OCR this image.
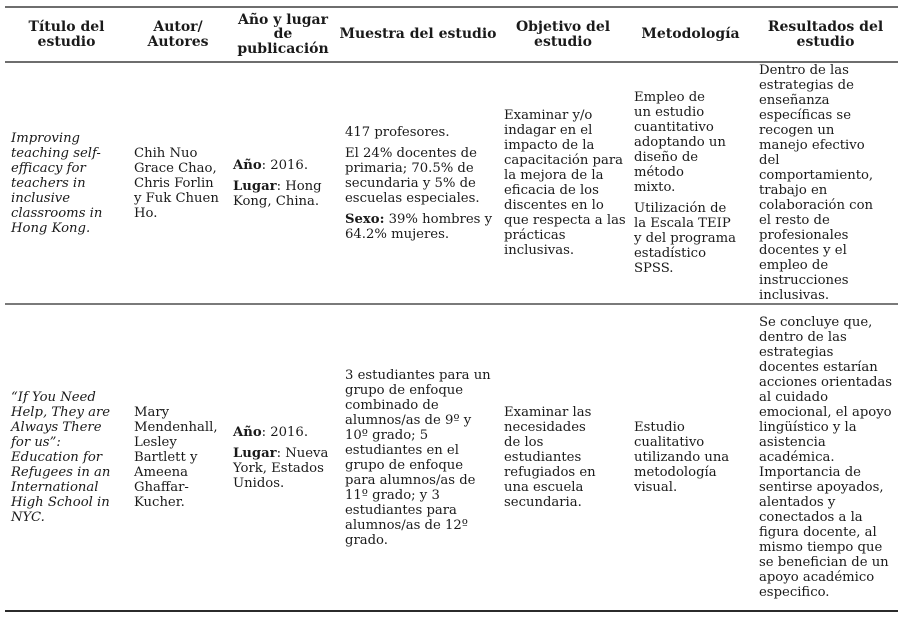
Título del estudio

Autor/ Autores

Año y lugar de publicación

Muestra del estudio Objetivo del estudio	Metodología Resultados del estudio

Improving teaching self-efficacy for teachers in inclusive classrooms in Hong Kong.

Chih Nuo Grace Chao, Chris Forlin y Fuk Chuen Ho.

Año: 2016.

Lugar: Hong Kong, China.

417 profesores.

El 24% docentes de primaria; 70.5% de secundaria y 5% de escuelas especiales.

Sexo: 39% hombres y 64.2% mujeres.

Examinar y/o indagar en el impacto de la capacitación para la mejora de la eficacia de los discentes en lo que respecta a las prácticas inclusivas.

Empleo de un estudio cuantitativo adoptando un diseño de método mixto.

Utilización de la Escala TEIP y del programa estadístico SPSS.

Dentro de las estrategias de enseñanza específicas se recogen un manejo efectivo del comportamiento, trabajo en colaboración con el resto de profesionales docentes y el empleo de instrucciones inclusivas.

“If You Need Help, They are Always There for us”: Education for Refugees in an International High School in NYC.

Mary Mendenhall, Lesley Bartlett y Ameena Ghaffar-Kucher.

Año: 2016.

Lugar: Nueva York, Estados Unidos.

3 estudiantes para un grupo de enfoque combinado de alumnos/as de 9º y 10º grado; 5 estudiantes en el grupo de enfoque para alumnos/as de 11º grado; y 3 estudiantes para alumnos/as de 12º grado.

Examinar las necesidades de los estudiantes refugiados en una escuela secundaria.

Estudio cualitativo utilizando una metodología visual.

Se concluye que, dentro de las estrategias docentes estarían acciones orientadas al cuidado emocional, el apoyo lingüístico y la asistencia académica. Importancia de sentirse apoyados, alentados y conectados a la figura docente, al mismo tiempo que se benefician de un apoyo académico especifico.
